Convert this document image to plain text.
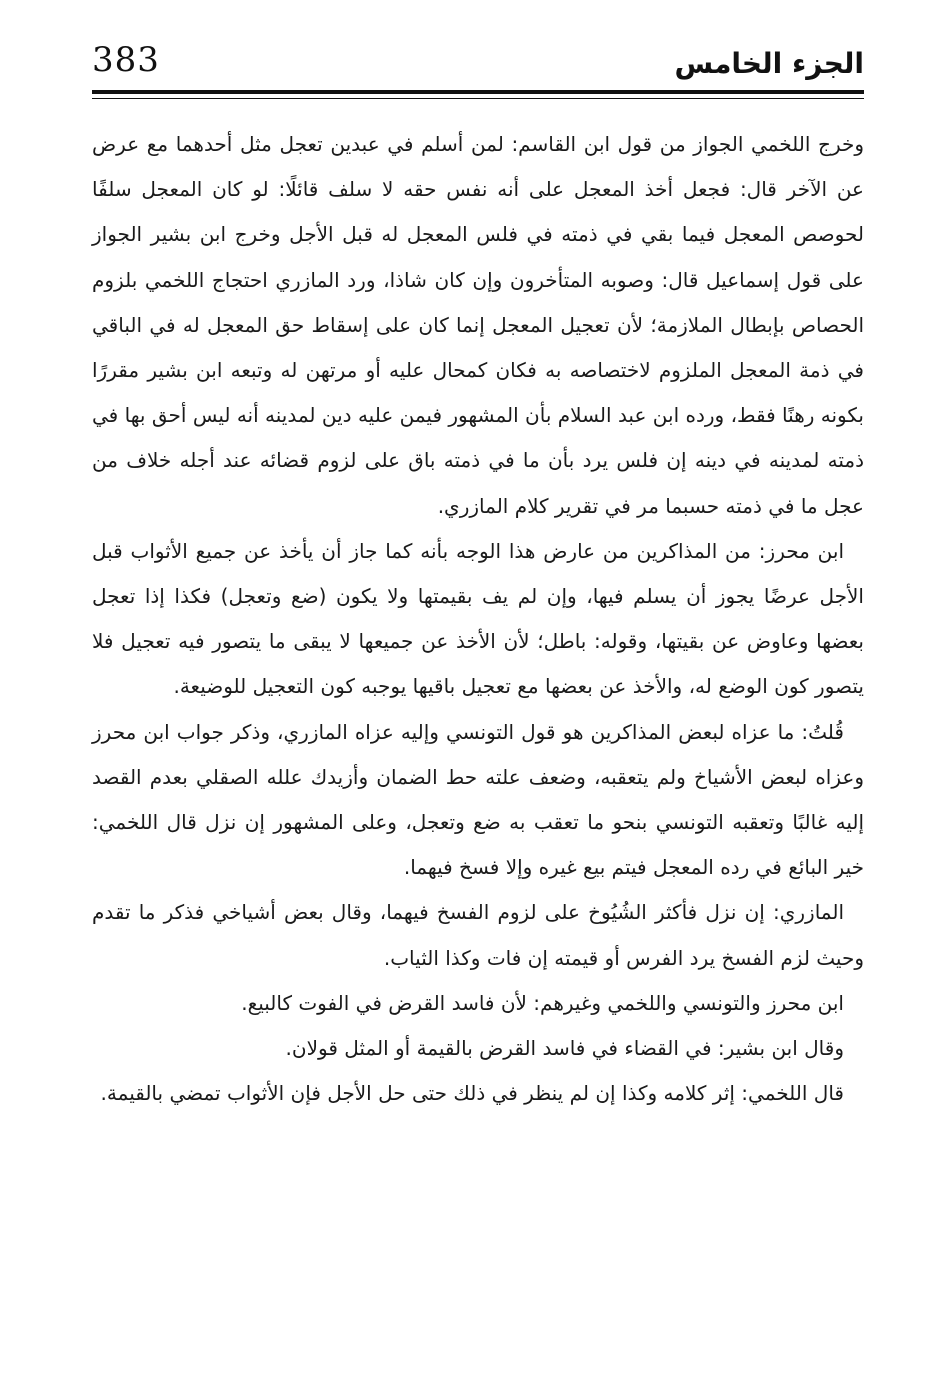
383	الجزء الخامس

وخرج اللخمي الجواز من قول ابن القاسم: لمن أسلم في عبدين تعجل مثل أحدهما مع عرض عن الآخر قال: فجعل أخذ المعجل على أنه نفس حقه لا سلف قائلًا: لو كان المعجل سلفًا لحوصص المعجل فيما بقي في ذمته في فلس المعجل له قبل الأجل وخرج ابن بشير الجواز على قول إسماعيل قال: وصوبه المتأخرون وإن كان شاذا، ورد المازري احتجاج اللخمي بلزوم الحصاص بإبطال الملازمة؛ لأن تعجيل المعجل إنما كان على إسقاط حق المعجل له في الباقي في ذمة المعجل الملزوم لاختصاصه به فكان كمحال عليه أو مرتهن له وتبعه ابن بشير مقررًا بكونه رهنًا فقط، ورده ابن عبد السلام بأن المشهور فيمن عليه دين لمدينه أنه ليس أحق بها في ذمته لمدينه في دينه إن فلس يرد بأن ما في ذمته باق على لزوم قضائه عند أجله خلاف من عجل ما في ذمته حسبما مر في تقرير كلام المازري.

ابن محرز: من المذاكرين من عارض هذا الوجه بأنه كما جاز أن يأخذ عن جميع الأثواب قبل الأجل عرضًا يجوز أن يسلم فيها، وإن لم يف بقيمتها ولا يكون (ضع وتعجل) فكذا إذا تعجل بعضها وعاوض عن بقيتها، وقوله: باطل؛ لأن الأخذ عن جميعها لا يبقى ما يتصور فيه تعجيل فلا يتصور كون الوضع له، والأخذ عن بعضها مع تعجيل باقيها يوجبه كون التعجيل للوضيعة.

قُلتُ: ما عزاه لبعض المذاكرين هو قول التونسي وإليه عزاه المازري، وذكر جواب ابن محرز وعزاه لبعض الأشياخ ولم يتعقبه، وضعف علته حط الضمان وأزيدك علله الصقلي بعدم القصد إليه غالبًا وتعقبه التونسي بنحو ما تعقب به ضع وتعجل، وعلى المشهور إن نزل قال اللخمي: خير البائع في رده المعجل فيتم بيع غيره وإلا فسخ فيهما.

المازري: إن نزل فأكثر الشُيُوخ على لزوم الفسخ فيهما، وقال بعض أشياخي فذكر ما تقدم وحيث لزم الفسخ يرد الفرس أو قيمته إن فات وكذا الثياب.

ابن محرز والتونسي واللخمي وغيرهم: لأن فاسد القرض في الفوت كالبيع.

وقال ابن بشير: في القضاء في فاسد القرض بالقيمة أو المثل قولان.

قال اللخمي: إثر كلامه وكذا إن لم ينظر في ذلك حتى حل الأجل فإن الأثواب تمضي بالقيمة.
